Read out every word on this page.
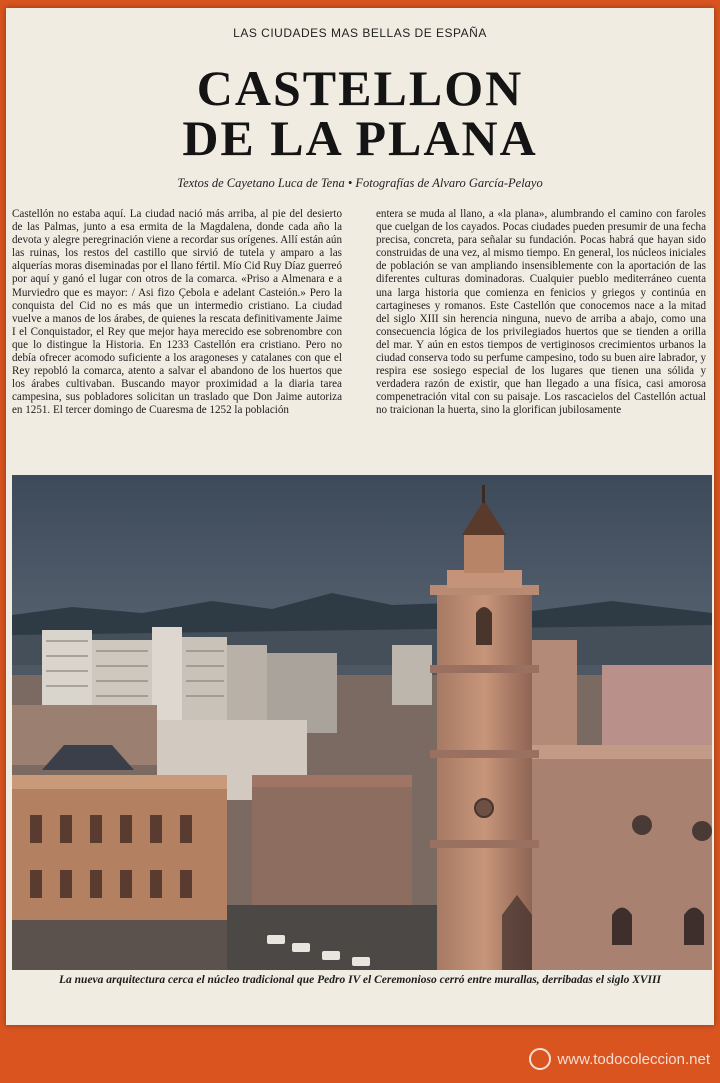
LAS CIUDADES MAS BELLAS DE ESPAÑA
CASTELLON
DE LA PLANA
Textos de Cayetano Luca de Tena • Fotografías de Alvaro García-Pelayo
Castellón no estaba aquí. La ciudad nació más arriba, al pie del desierto de las Palmas, junto a esa ermita de la Magdalena, donde cada año la devota y alegre peregrinación viene a recordar sus orígenes. Allí están aún las ruinas, los restos del castillo que sirvió de tutela y amparo a las alquerías moras diseminadas por el llano fértil. Mío Cid Ruy Díaz guerreó por aquí y ganó el lugar con otros de la comarca. «Priso a Almenara e a Murviedro que es mayor: / Asi fizo Çebola e adelant Casteión.» Pero la conquista del Cid no es más que un intermedio cristiano. La ciudad vuelve a manos de los árabes, de quienes la rescata definitivamente Jaime I el Conquistador, el Rey que mejor haya merecido ese sobrenombre con que lo distingue la Historia. En 1233 Castellón era cristiano. Pero no debía ofrecer acomodo suficiente a los aragoneses y catalanes con que el Rey repobló la comarca, atento a salvar el abandono de los huertos que los árabes cultivaban. Buscando mayor proximidad a la diaria tarea campesina, sus pobladores solicitan un traslado que Don Jaime autoriza en 1251. El tercer domingo de Cuaresma de 1252 la población
entera se muda al llano, a «la plana», alumbrando el camino con faroles que cuelgan de los cayados. Pocas ciudades pueden presumir de una fecha precisa, concreta, para señalar su fundación. Pocas habrá que hayan sido construidas de una vez, al mismo tiempo. En general, los núcleos iniciales de población se van ampliando insensiblemente con la aportación de las diferentes culturas dominadoras. Cualquier pueblo mediterráneo cuenta una larga historia que comienza en fenicios y griegos y continúa en cartagineses y romanos. Este Castellón que conocemos nace a la mitad del siglo XIII sin herencia ninguna, nuevo de arriba a abajo, como una consecuencia lógica de los privilegiados huertos que se tienden a orilla del mar. Y aún en estos tiempos de vertiginosos crecimientos urbanos la ciudad conserva todo su perfume campesino, todo su buen aire labrador, y respira ese sosiego especial de los lugares que tienen una sólida y verdadera razón de existir, que han llegado a una física, casi amorosa compenetración vital con su paisaje. Los rascacielos del Castellón actual no traicionan la huerta, sino la glorifican jubilosamente
La nueva arquitectura cerca el núcleo tradicional que Pedro IV el Ceremonioso cerró entre murallas, derribadas el siglo XVIII
www.todocoleccion.net
